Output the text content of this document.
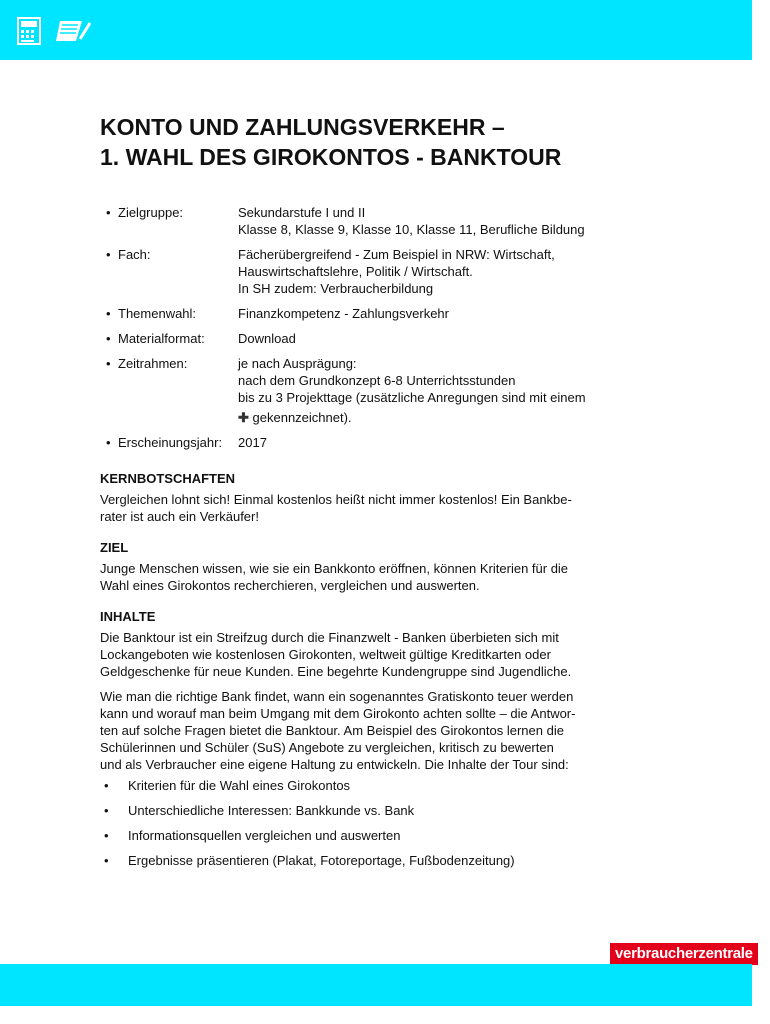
KONTO UND ZAHLUNGSVERKEHR –
1. WAHL DES GIROKONTOS - BANKTOUR
• Zielgruppe:	Sekundarstufe I und II
Klasse 8, Klasse 9, Klasse 10, Klasse 11, Berufliche Bildung
• Fach:	Fächerübergreifend - Zum Beispiel in NRW: Wirtschaft,
Hauswirtschaftslehre, Politik / Wirtschaft.
In SH zudem: Verbraucherbildung
• Themenwahl:	Finanzkompetenz - Zahlungsverkehr
• Materialformat:	Download
• Zeitrahmen:	je nach Ausprägung:
nach dem Grundkonzept 6-8 Unterrichtsstunden
bis zu 3 Projekttage (zusätzliche Anregungen sind mit einem
✚ gekennzeichnet).
• Erscheinungsjahr:	2017
KERNBOTSCHAFTEN

Vergleichen lohnt sich! Einmal kostenlos heißt nicht immer kostenlos! Ein Bankbe-
rater ist auch ein Verkäufer!

ZIEL

Junge Menschen wissen, wie sie ein Bankkonto eröffnen, können Kriterien für die
Wahl eines Girokontos recherchieren, vergleichen und auswerten.

INHALTE

Die Banktour ist ein Streifzug durch die Finanzwelt - Banken überbieten sich mit
Lockangeboten wie kostenlosen Girokonten, weltweit gültige Kreditkarten oder
Geldgeschenke für neue Kunden. Eine begehrte Kundengruppe sind Jugendliche.

Wie man die richtige Bank findet, wann ein sogenanntes Gratiskonto teuer werden
kann und worauf man beim Umgang mit dem Girokonto achten sollte – die Antwor-
ten auf solche Fragen bietet die Banktour. Am Beispiel des Girokontos lernen die
Schülerinnen und Schüler (SuS) Angebote zu vergleichen, kritisch zu bewerten
und als Verbraucher eine eigene Haltung zu entwickeln. Die Inhalte der Tour sind:

• Kriterien für die Wahl eines Girokontos
• Unterschiedliche Interessen: Bankkunde vs. Bank
• Informationsquellen vergleichen und auswerten
• Ergebnisse präsentieren (Plakat, Fotoreportage, Fußbodenzeitung)
verbraucherzentrale
